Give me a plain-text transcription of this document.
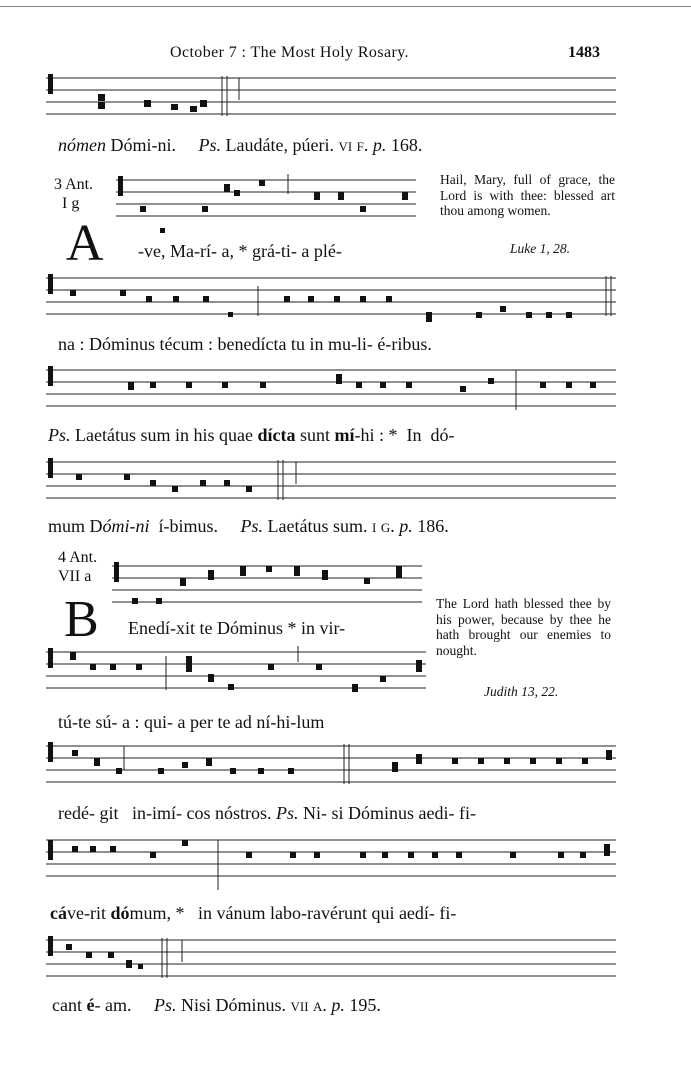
October 7 : The Most Holy Rosary.	1483
nómen Dómi-ni.     Ps. Laudáte, púeri. vi f. p. 168.
3 Ant.
I g
A -ve, Ma-rí- a, * grá-ti- a plé-
Hail, Mary, full of grace, the Lord is with thee: blessed art thou among women.
Luke 1, 28.
na : Dóminus técum : benedícta tu in mu-li- é-ribus.
Ps. Laetátus sum in his quae dícta sunt mí-hi : *  In  dó-
mum Dómi-ni  í-bimus.     Ps. Laetátus sum. i g. p. 186.
4 Ant.
VII a
B Enedí-xit te Dóminus * in vir-
The Lord hath blessed thee by his power, because by thee he hath brought our enemies to nought.
Judith 13, 22.
tú-te sú- a : qui- a per te ad ní-hi-lum
redé- git   in-imí- cos nóstros. Ps. Ni- si Dóminus aedi- fi-
cáve-rit dómum, *   in vánum labo-ravérunt qui aedí- fi-
cant é- am.     Ps. Nisi Dóminus. vii a. p. 195.
